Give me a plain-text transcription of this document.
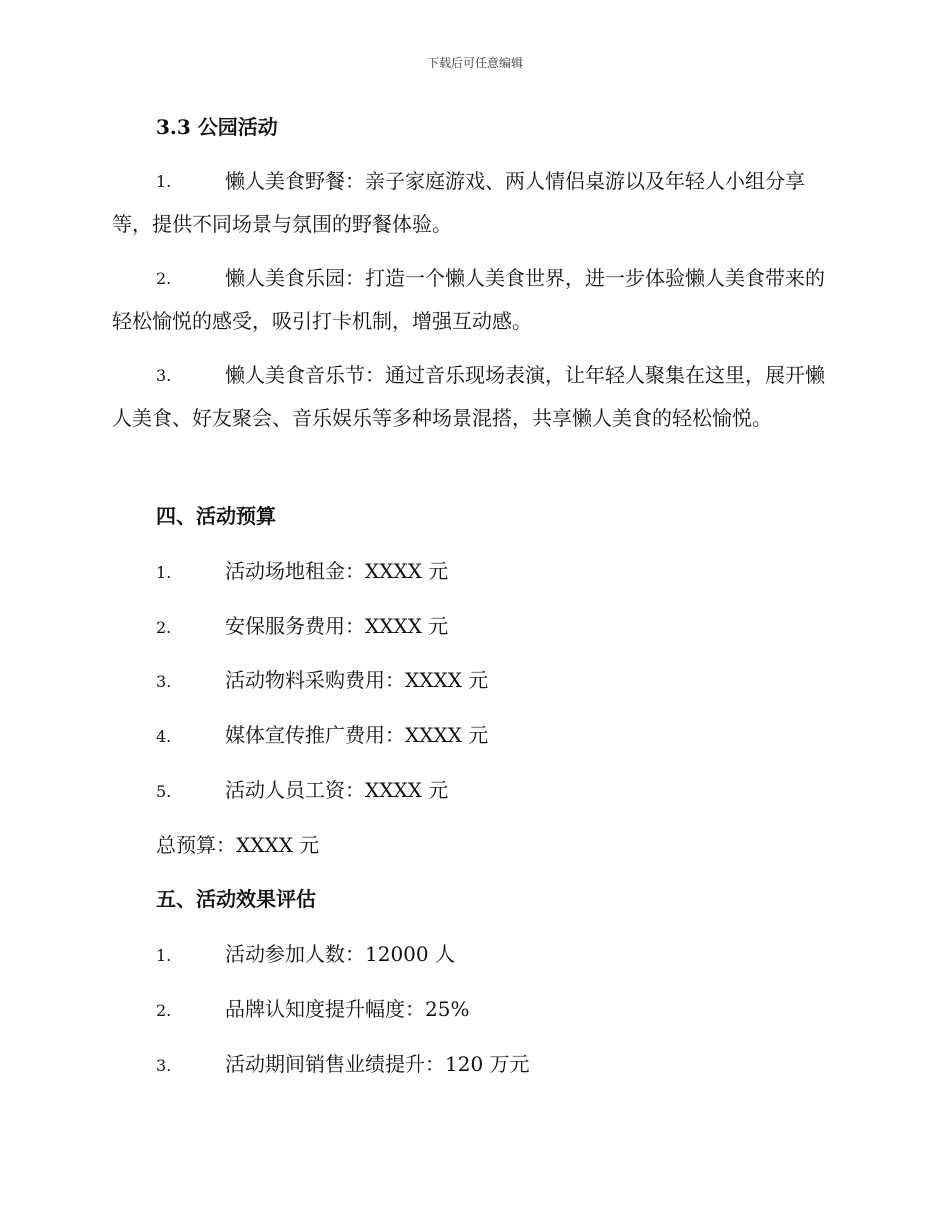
下载后可任意编辑
3.3 公园活动
1.	懒人美食野餐：亲子家庭游戏、两人情侣桌游以及年轻人小组分享等，提供不同场景与氛围的野餐体验。
2.	懒人美食乐园：打造一个懒人美食世界，进一步体验懒人美食带来的轻松愉悦的感受，吸引打卡机制，增强互动感。
3.	懒人美食音乐节：通过音乐现场表演，让年轻人聚集在这里，展开懒人美食、好友聚会、音乐娱乐等多种场景混搭，共享懒人美食的轻松愉悦。
四、活动预算
1.	活动场地租金：XXXX 元
2.	安保服务费用：XXXX 元
3.	活动物料采购费用：XXXX 元
4.	媒体宣传推广费用：XXXX 元
5.	活动人员工资：XXXX 元
总预算：XXXX 元
五、活动效果评估
1.	活动参加人数：12000 人
2.	品牌认知度提升幅度：25%
3.	活动期间销售业绩提升：120 万元
